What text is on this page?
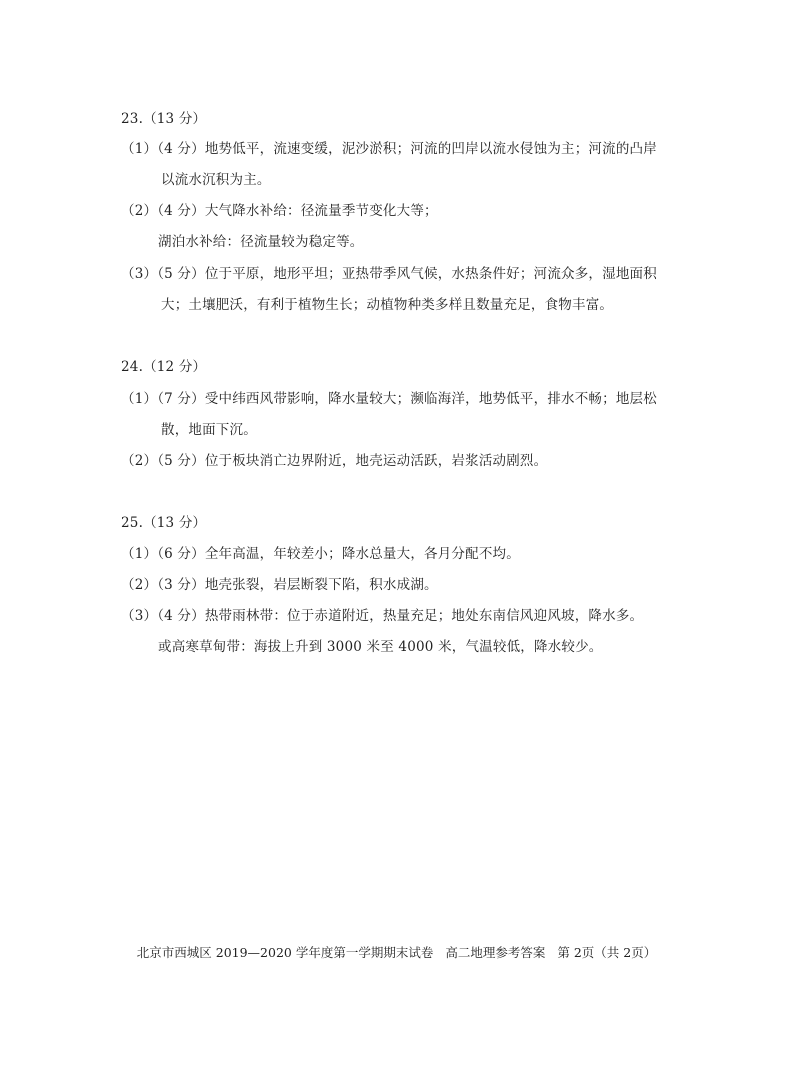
23.（13 分）
（1）（4 分）地势低平，流速变缓，泥沙淤积；河流的凹岸以流水侵蚀为主；河流的凸岸
以流水沉积为主。
（2）（4 分）大气降水补给：径流量季节变化大等；
湖泊水补给：径流量较为稳定等。
（3）（5 分）位于平原，地形平坦；亚热带季风气候，水热条件好；河流众多，湿地面积
大；土壤肥沃，有利于植物生长；动植物种类多样且数量充足，食物丰富。
24.（12 分）
（1）（7 分）受中纬西风带影响，降水量较大；濒临海洋，地势低平，排水不畅；地层松
散，地面下沉。
（2）（5 分）位于板块消亡边界附近，地壳运动活跃，岩浆活动剧烈。
25.（13 分）
（1）（6 分）全年高温，年较差小；降水总量大，各月分配不均。
（2）（3 分）地壳张裂，岩层断裂下陷，积水成湖。
（3）（4 分）热带雨林带：位于赤道附近，热量充足；地处东南信风迎风坡，降水多。
或高寒草甸带：海拔上升到 3000 米至 4000 米，气温较低，降水较少。
北京市西城区 2019—2020 学年度第一学期期末试卷 高二地理参考答案 第 2页（共 2页）
